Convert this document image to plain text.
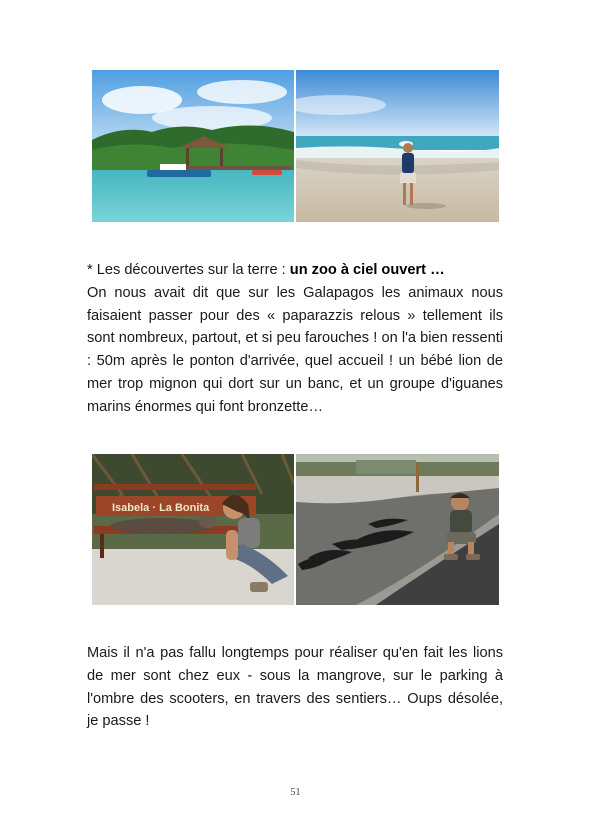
* Les découvertes sur la terre : un zoo à ciel ouvert …
On nous avait dit que sur les Galapagos les animaux nous faisaient passer pour des « paparazzis relous » tellement ils sont nombreux, partout, et si peu farouches ! on l'a bien ressenti : 50m après le ponton d'arrivée, quel accueil ! un bébé lion de mer trop mignon qui dort sur un banc, et un groupe d'iguanes marins énormes qui font bronzette…

Isabela · La Bonita

Mais il n'a pas fallu longtemps pour réaliser qu'en fait les lions de mer sont chez eux - sous la mangrove, sur le parking à l'ombre des scooters, en travers des sentiers… Oups désolée, je passe !

51
